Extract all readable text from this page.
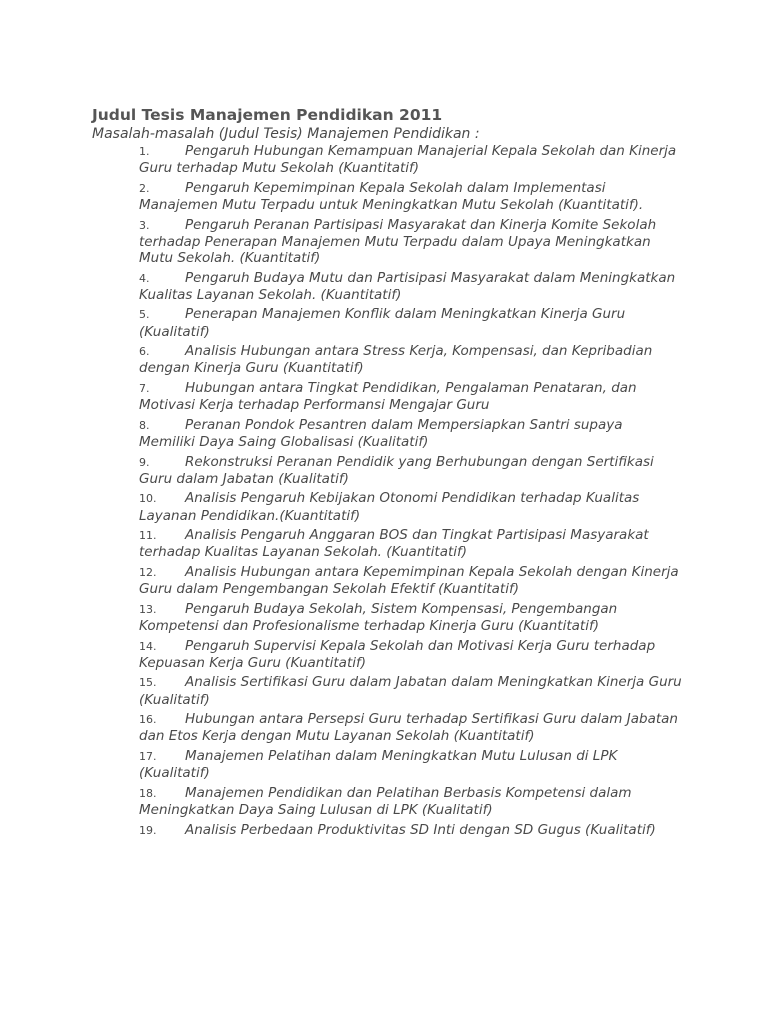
Judul Tesis Manajemen Pendidikan 2011

Masalah-masalah (Judul Tesis) Manajemen Pendidikan :

1.	Pengaruh Hubungan Kemampuan Manajerial Kepala Sekolah dan Kinerja Guru terhadap Mutu Sekolah (Kuantitatif)
2.	Pengaruh Kepemimpinan Kepala Sekolah dalam Implementasi Manajemen Mutu Terpadu untuk Meningkatkan Mutu Sekolah (Kuantitatif).
3.	Pengaruh Peranan Partisipasi Masyarakat dan Kinerja Komite Sekolah terhadap Penerapan Manajemen Mutu Terpadu dalam Upaya Meningkatkan Mutu Sekolah. (Kuantitatif)
4.	Pengaruh Budaya Mutu dan Partisipasi Masyarakat dalam Meningkatkan Kualitas Layanan Sekolah. (Kuantitatif)
5.	Penerapan Manajemen Konflik dalam Meningkatkan Kinerja Guru (Kualitatif)
6.	Analisis Hubungan antara Stress Kerja, Kompensasi, dan Kepribadian dengan Kinerja Guru (Kuantitatif)
7.	Hubungan antara Tingkat Pendidikan, Pengalaman Penataran, dan Motivasi Kerja terhadap Performansi Mengajar Guru
8.	Peranan Pondok Pesantren dalam Mempersiapkan Santri supaya Memiliki Daya Saing Globalisasi (Kualitatif)
9.	Rekonstruksi Peranan Pendidik yang Berhubungan dengan Sertifikasi Guru dalam Jabatan (Kualitatif)
10. Analisis Pengaruh Kebijakan Otonomi Pendidikan terhadap Kualitas Layanan Pendidikan.(Kuantitatif)
11. Analisis Pengaruh Anggaran BOS dan Tingkat Partisipasi Masyarakat terhadap Kualitas Layanan Sekolah. (Kuantitatif)
12. Analisis Hubungan antara Kepemimpinan Kepala Sekolah dengan Kinerja Guru dalam Pengembangan Sekolah Efektif (Kuantitatif)
13. Pengaruh Budaya Sekolah, Sistem Kompensasi, Pengembangan Kompetensi dan Profesionalisme terhadap Kinerja Guru (Kuantitatif)
14. Pengaruh Supervisi Kepala Sekolah dan Motivasi Kerja Guru terhadap Kepuasan Kerja Guru (Kuantitatif)
15. Analisis Sertifikasi Guru dalam Jabatan dalam Meningkatkan Kinerja Guru (Kualitatif)
16. Hubungan antara Persepsi Guru terhadap Sertifikasi Guru dalam Jabatan dan Etos Kerja dengan Mutu Layanan Sekolah (Kuantitatif)
17. Manajemen Pelatihan dalam Meningkatkan Mutu Lulusan di LPK (Kualitatif)
18. Manajemen Pendidikan dan Pelatihan Berbasis Kompetensi dalam Meningkatkan Daya Saing Lulusan di LPK (Kualitatif)
19. Analisis Perbedaan Produktivitas SD Inti dengan SD Gugus (Kualitatif)
